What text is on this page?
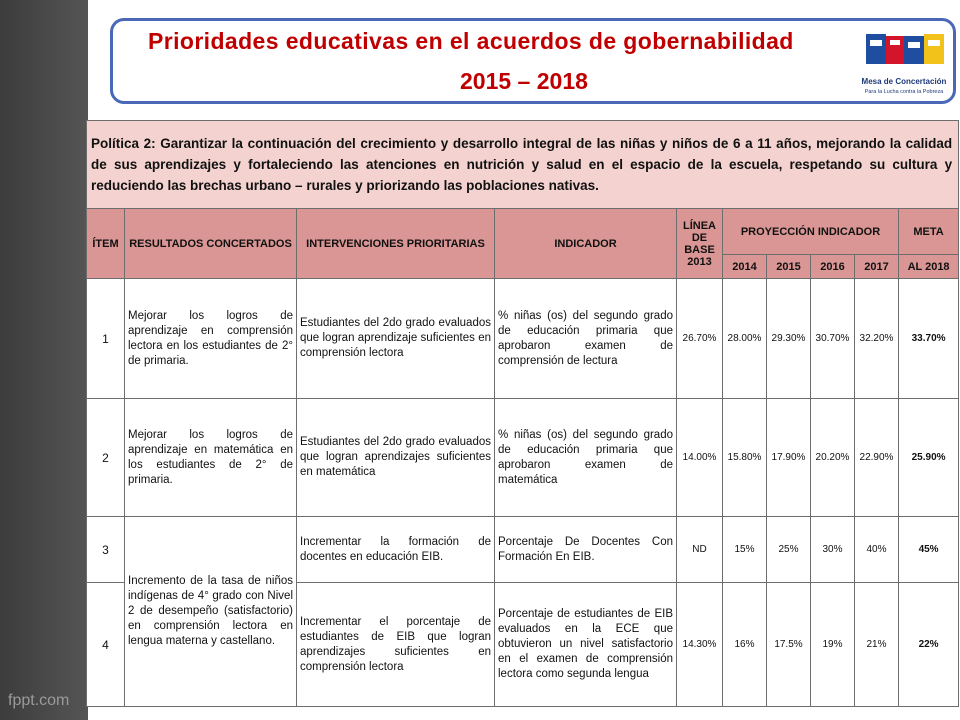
fppt.com
Prioridades educativas en el acuerdos de gobernabilidad
2015 – 2018	Mesa de Concertación
Para la Lucha contra la Pobreza
Política 2: Garantizar la continuación del crecimiento y desarrollo integral de las niñas y niños de 6 a 11 años, mejorando la calidad de sus aprendizajes y fortaleciendo las atenciones en nutrición y salud en el espacio de la escuela, respetando su cultura y reduciendo las brechas urbano – rurales y priorizando las poblaciones nativas.									
ÍTEM	RESULTADOS CONCERTADOS	INTERVENCIONES PRIORITARIAS	INDICADOR	LÍNEA DE BASE 2013	PROYECCIÓN INDICADOR				META
					2014	2015	2016	2017	AL 2018
1	Mejorar los logros de aprendizaje en comprensión lectora en los estudiantes de 2° de primaria.	Estudiantes del 2do grado evaluados que logran aprendizaje suficientes en comprensión lectora	% niñas (os) del segundo grado de educación primaria que aprobaron examen de comprensión de lectura	26.70%	28.00%	29.30%	30.70%	32.20%	33.70%
2	Mejorar los logros de aprendizaje en matemática en los estudiantes de 2° de primaria.	Estudiantes del 2do grado evaluados que logran aprendizajes suficientes en matemática	% niñas (os) del segundo grado de educación primaria que aprobaron examen de matemática	14.00%	15.80%	17.90%	20.20%	22.90%	25.90%
3	Incremento de la tasa de niños indígenas de 4° grado con Nivel 2 de desempeño (satisfactorio) en comprensión lectora en lengua materna y castellano.	Incrementar la formación de docentes en educación EIB.	Porcentaje De Docentes Con Formación En EIB.	ND	15%	25%	30%	40%	45%
4		Incrementar el porcentaje de estudiantes de EIB que logran aprendizajes suficientes en comprensión lectora	Porcentaje de estudiantes de EIB evaluados en la ECE que obtuvieron un nivel satisfactorio en el examen de comprensión lectora como segunda lengua	14.30%	16%	17.5%	19%	21%	22%
